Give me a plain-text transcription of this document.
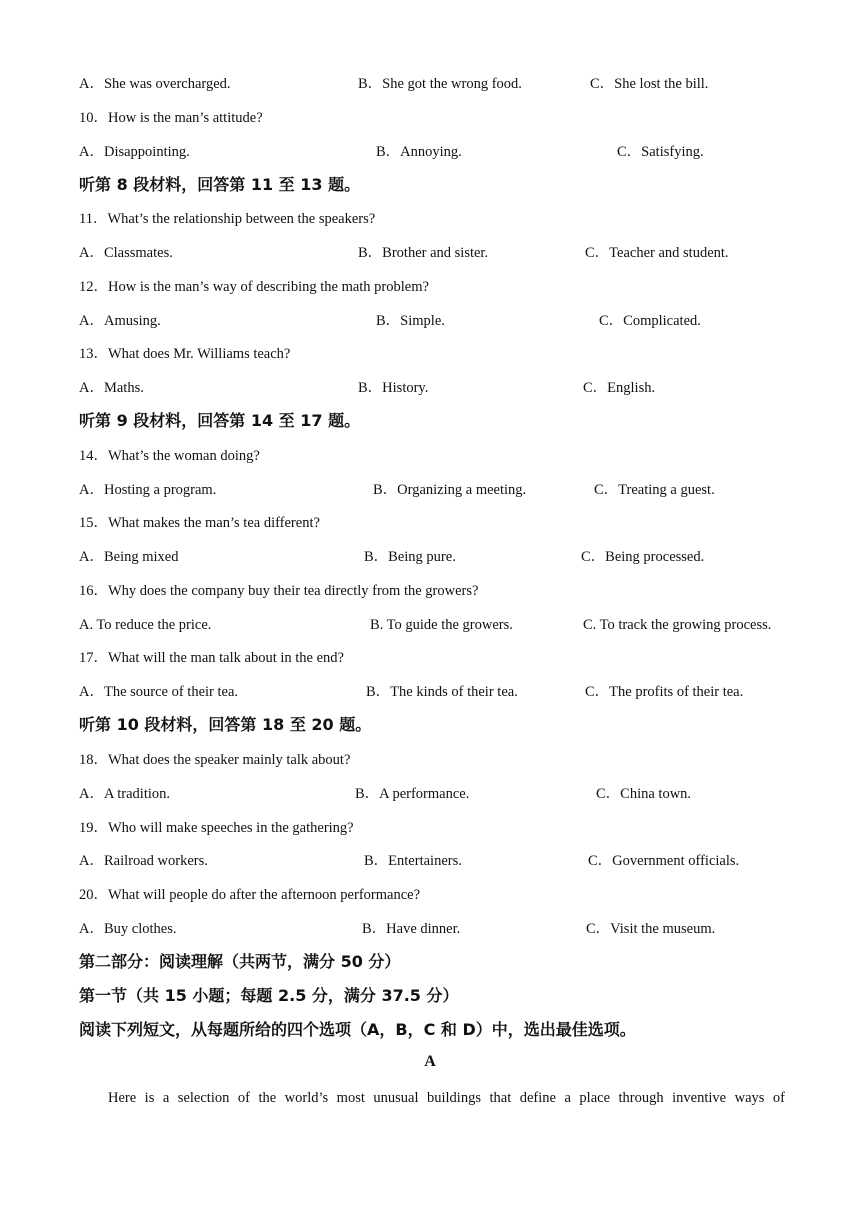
A．She was overcharged.	B．She got the wrong food.	C．She lost the bill.
10．How is the man’s attitude?
A．Disappointing.	B．Annoying.	C．Satisfying.
听第 8 段材料，回答第 11 至 13 题。
11．What’s the relationship between the speakers?
A．Classmates.	B．Brother and sister.	C．Teacher and student.
12．How is the man’s way of describing the math problem?
A．Amusing.	B．Simple.	C．Complicated.
13．What does Mr. Williams teach?
A．Maths.	B．History.	C．English.
听第 9 段材料，回答第 14 至 17 题。
14．What’s the woman doing?
A．Hosting a program.	B．Organizing a meeting.	C．Treating a guest.
15．What makes the man’s tea different?
A．Being mixed	B．Being pure.	C．Being processed.
16．Why does the company buy their tea directly from the growers?
A. To reduce the price.	B. To guide the growers.	C. To track the growing process.
17．What will the man talk about in the end?
A．The source of their tea.	B．The kinds of their tea.	C．The profits of their tea.
听第 10 段材料，回答第 18 至 20 题。
18．What does the speaker mainly talk about?
A．A tradition.	B．A performance.	C．China town.
19．Who will make speeches in the gathering?
A．Railroad workers.	B．Entertainers.	C．Government officials.
20．What will people do after the afternoon performance?
A．Buy clothes.	B．Have dinner.	C．Visit the museum.
第二部分：阅读理解（共两节，满分 50 分）
第一节（共 15 小题；每题 2.5 分，满分 37.5 分）
阅读下列短文，从每题所给的四个选项（A，B，C 和 D）中，选出最佳选项。
A
Here is a selection of the world’s most unusual buildings that define a place through inventive ways of
